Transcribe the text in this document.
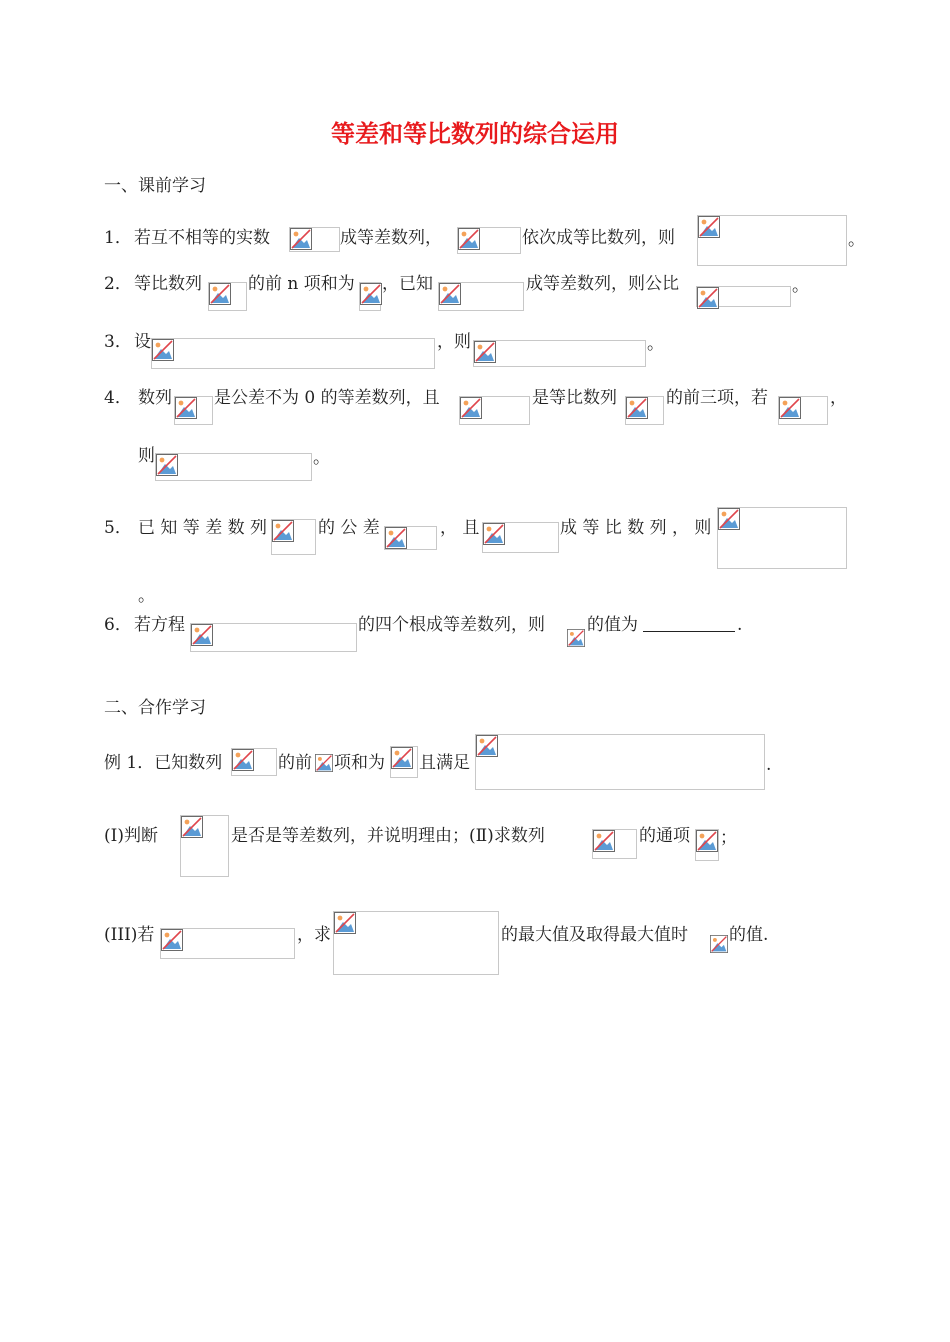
等差和等比数列的综合运用
一、课前学习
1． 若互不相等的实数	成等差数列，	依次成等比数列，则	。
2． 等比数列	的前 n 项和为 ，已知	成等差数列，则公比	。
3． 设	，则	。
4． 数列 是公差不为 0 的等差数列，且	是等比数列	的前三项，若	，
则	。
5． 已 知 等 差 数 列	的 公 差	， 且	成 等 比 数 列 ， 则
。
6． 若方程	的四个根成等差数列，则 的值为	.
二、合作学习
例 1．已知数列	的前 项和为 且满足	.
(Ⅰ)判断	是否是等差数列，并说明理由；(Ⅱ)求数列	的通项 ；
(III)若	，求	的最大值及取得最大值时 的值.
